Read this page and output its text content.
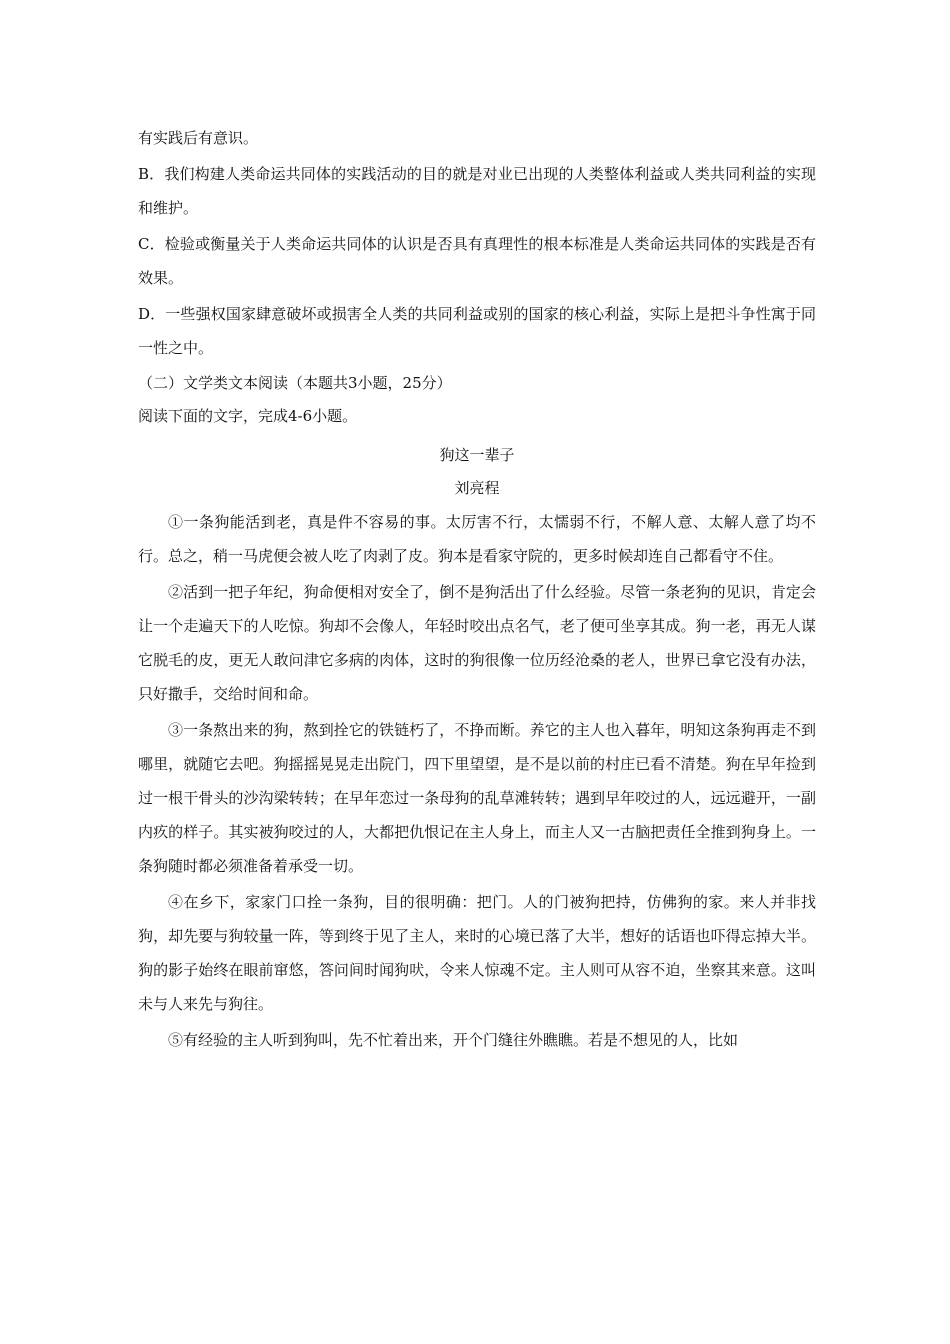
有实践后有意识。
B．我们构建人类命运共同体的实践活动的目的就是对业已出现的人类整体利益或人类共同利益的实现和维护。
C．检验或衡量关于人类命运共同体的认识是否具有真理性的根本标准是人类命运共同体的实践是否有效果。
D．一些强权国家肆意破坏或损害全人类的共同利益或别的国家的核心利益，实际上是把斗争性寓于同一性之中。
（二）文学类文本阅读（本题共3小题，25分）
阅读下面的文字，完成4-6小题。
狗这一辈子
刘亮程
①一条狗能活到老，真是件不容易的事。太厉害不行，太懦弱不行，不解人意、太解人意了均不行。总之，稍一马虎便会被人吃了肉剥了皮。狗本是看家守院的，更多时候却连自己都看守不住。
②活到一把子年纪，狗命便相对安全了，倒不是狗活出了什么经验。尽管一条老狗的见识，肯定会让一个走遍天下的人吃惊。狗却不会像人，年轻时咬出点名气，老了便可坐享其成。狗一老，再无人谋它脱毛的皮，更无人敢问津它多病的肉体，这时的狗很像一位历经沧桑的老人，世界已拿它没有办法，只好撒手，交给时间和命。
③一条熬出来的狗，熬到拴它的铁链朽了，不挣而断。养它的主人也入暮年，明知这条狗再走不到哪里，就随它去吧。狗摇摇晃晃走出院门，四下里望望，是不是以前的村庄已看不清楚。狗在早年捡到过一根干骨头的沙沟梁转转；在早年恋过一条母狗的乱草滩转转；遇到早年咬过的人，远远避开，一副内疚的样子。其实被狗咬过的人，大都把仇恨记在主人身上，而主人又一古脑把责任全推到狗身上。一条狗随时都必须准备着承受一切。
④在乡下，家家门口拴一条狗，目的很明确：把门。人的门被狗把持，仿佛狗的家。来人并非找狗，却先要与狗较量一阵，等到终于见了主人，来时的心境已落了大半，想好的话语也吓得忘掉大半。狗的影子始终在眼前窜悠，答问间时闻狗吠，令来人惊魂不定。主人则可从容不迫，坐察其来意。这叫未与人来先与狗往。
⑤有经验的主人听到狗叫，先不忙着出来，开个门缝往外瞧瞧。若是不想见的人，比如
